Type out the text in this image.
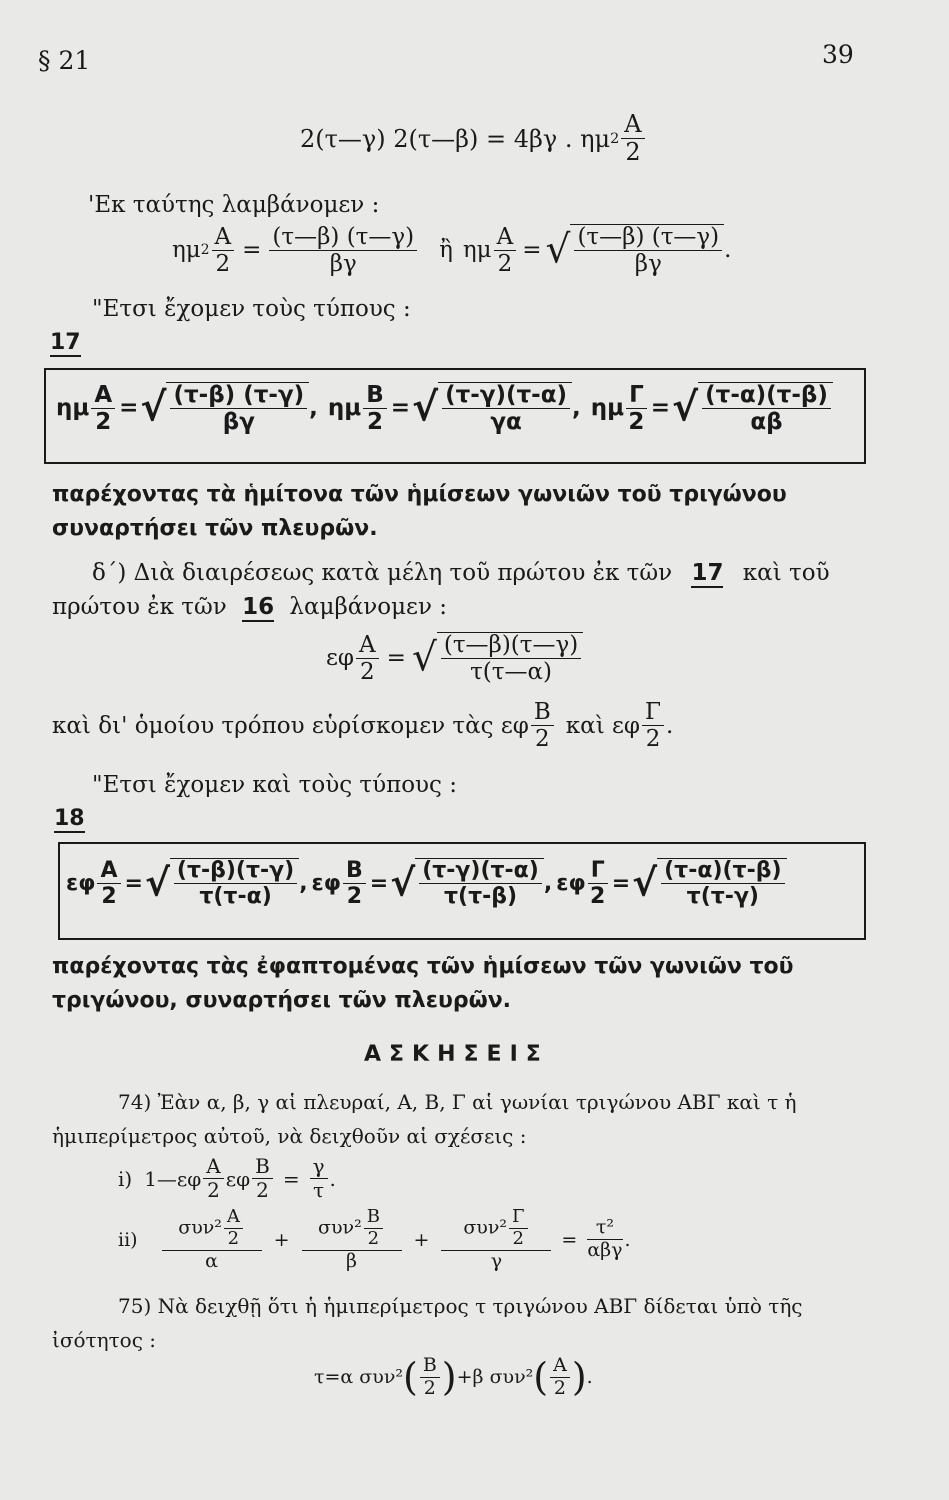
§ 21	39
2(τ—γ) 2(τ—β) = 4βγ . ημ $2 \frac{A}{2}$
'Εκ ταύτης λαμβάνομεν :
ημ $2 \frac{A}{2} = \frac{(\tau—\beta) (\tau—\gamma)}{\beta\gamma}$ ἢ ημ $\frac{A}{2}$ = √ $\frac{(\tau—\beta) (\tau—\gamma)}{\beta\gamma}$ .
"Ετσι ἔχομεν τοὺς τύπους :
17
ημ $\frac{A}{2}$ = √ $\frac{(\tau-\beta) (\tau-\gamma)}{\beta\gamma}$ , ημ $\frac{B}{2}$ = √ $\frac{(\tau-\gamma)(\tau-\alpha)}{\gamma\alpha}$ , ημ $\frac{\Gamma}{2}$ = √ $\frac{(\tau-\alpha)(\tau-\beta)}{\alpha\beta}$
παρέχοντας τὰ ἡμίτονα τῶν ἡμίσεων γωνιῶν τοῦ τριγώνου συναρτήσει τῶν πλευρῶν.
δ΄) Διὰ διαιρέσεως κατὰ μέλη τοῦ πρώτου ἐκ τῶν 17 καὶ τοῦ
πρώτου ἐκ τῶν 16 λαμβάνομεν :
εφ $\frac{A}{2}$ = √ $\frac{(\tau—\beta)(\tau—\gamma)}{\tau(\tau—\alpha)}$
καὶ δι' ὁμοίου τρόπου εὑρίσκομεν τὰς εφ $\frac{B}{2}$ καὶ εφ $\frac{\Gamma}{2}$ .
"Ετσι ἔχομεν καὶ τοὺς τύπους :
18
εφ $\frac{A}{2}$ = √ $\frac{(\tau-\beta)(\tau-\gamma)}{\tau(\tau-\alpha)}$ , εφ $\frac{B}{2}$ = √ $\frac{(\tau-\gamma)(\tau-\alpha)}{\tau(\tau-\beta)}$ , εφ $\frac{\Gamma}{2}$ = √ $\frac{(\tau-\alpha)(\tau-\beta)}{\tau(\tau-\gamma)}$
παρέχοντας τὰς ἐφαπτομένας τῶν ἡμίσεων τῶν γωνιῶν τοῦ τριγώνου, συναρτήσει τῶν πλευρῶν.
ΑΣΚΗΣΕΙΣ
74) Ἐὰν α, β, γ αἱ πλευραί, A, B, Γ αἱ γωνίαι τριγώνου ΑΒΓ καὶ τ ἡ
ἡμιπερίμετρος αὐτοῦ, νὰ δειχθοῦν αἱ σχέσεις :
i) 1—εφ $\frac{A}{2}$ εφ $\frac{B}{2} = \frac{\gamma}{\tau}$ .
$ii) \frac{\sigma\upsilon\nu^2 \frac{A}{2}}{\alpha} + \frac{\sigma\upsilon\nu^2 \frac{B}{2}}{\beta} + \frac{\sigma\upsilon\nu^2 \frac{\Gamma}{2}}{\gamma} = \frac{\text{τ²}}{\text{αβγ}}$ .
75) Νὰ δειχθῇ ὅτι ἡ ἡμιπερίμετρος τ τριγώνου ΑΒΓ δίδεται ὑπὸ τῆς
ἰσότητος :
τ=α συν² ( $\frac{B}{2}$ ) +β συν² ( $\frac{A}{2}$ ) .
